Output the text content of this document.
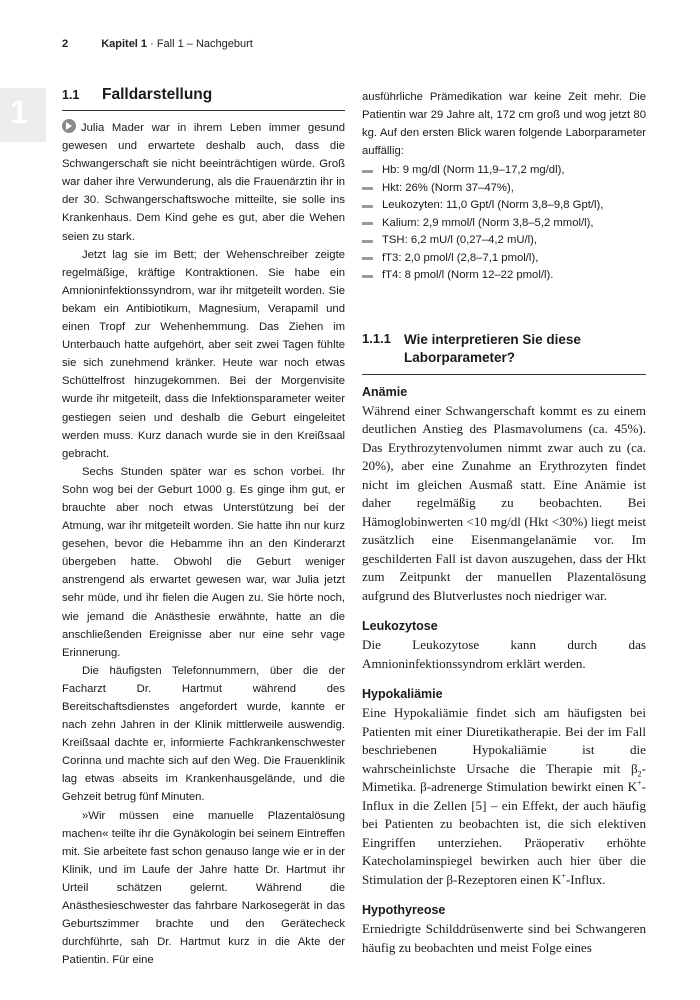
2	Kapitel 1 · Fall 1 – Nachgeburt
1	1.1	Falldarstellung

Julia Mader war in ihrem Leben immer gesund gewesen und erwartete deshalb auch, dass die Schwangerschaft sie nicht beeinträchtigen würde. Groß war daher ihre Verwunderung, als die Frauenärztin ihr in der 30. Schwangerschaftswoche mitteilte, sie solle ins Krankenhaus. Dem Kind gehe es gut, aber die Wehen seien zu stark.

Jetzt lag sie im Bett; der Wehenschreiber zeigte regelmäßige, kräftige Kontraktionen. Sie habe ein Amnioninfektionssyndrom, war ihr mitgeteilt worden. Sie bekam ein Antibiotikum, Magnesium, Verapamil und einen Tropf zur Wehenhemmung. Das Ziehen im Unterbauch hatte aufgehört, aber seit zwei Tagen fühlte sie sich zunehmend kränker. Heute war noch etwas Schüttelfrost hinzugekommen. Bei der Morgenvisite wurde ihr mitgeteilt, dass die Infektionsparameter weiter gestiegen seien und deshalb die Geburt eingeleitet werden muss. Kurz danach wurde sie in den Kreißsaal gebracht.

Sechs Stunden später war es schon vorbei. Ihr Sohn wog bei der Geburt 1000 g. Es ginge ihm gut, er brauchte aber noch etwas Unterstützung bei der Atmung, war ihr mitgeteilt worden. Sie hatte ihn nur kurz gesehen, bevor die Hebamme ihn an den Kinderarzt übergeben hatte. Obwohl die Geburt weniger anstrengend als erwartet gewesen war, war Julia jetzt sehr müde, und ihr fielen die Augen zu. Sie hörte noch, wie jemand die Anästhesie erwähnte, hatte an die anschließenden Ereignisse aber nur eine sehr vage Erinnerung.

Die häufigsten Telefonnummern, über die der Facharzt Dr. Hartmut während des Bereitschaftsdienstes angefordert wurde, kannte er nach zehn Jahren in der Klinik mittlerweile auswendig. Kreißsaal dachte er, informierte Fachkrankenschwester Corinna und machte sich auf den Weg. Die Frauenklinik lag etwas abseits im Krankenhausgelände, und die Gehzeit betrug fünf Minuten.

»Wir müssen eine manuelle Plazentalösung machen« teilte ihr die Gynäkologin bei seinem Eintreffen mit. Sie arbeitete fast schon genauso lange wie er in der Klinik, und im Laufe der Jahre hatte Dr. Hartmut ihr Urteil schätzen gelernt. Während die Anästhesieschwester das fahrbare Narkosegerät in das Geburtszimmer brachte und den Gerätecheck durchführte, sah Dr. Hartmut kurz in die Akte der Patientin. Für eine

ausführliche Prämedikation war keine Zeit mehr. Die Patientin war 29 Jahre alt, 172 cm groß und wog jetzt 80 kg. Auf den ersten Blick waren folgende Laborparameter auffällig:

Hb: 9 mg/dl (Norm 11,9–17,2 mg/dl),
Hkt: 26% (Norm 37–47%),
Leukozyten: 11,0 Gpt/l (Norm 3,8–9,8 Gpt/l),
Kalium: 2,9 mmol/l (Norm 3,8–5,2 mmol/l),
TSH: 6,2 mU/l (0,27–4,2 mU/l),
fT3: 2,0 pmol/l (2,8–7,1 pmol/l),
fT4: 8 pmol/l (Norm 12–22 pmol/l).
1.1.1 Wie interpretieren Sie diese Laborparameter?
Anämie

Während einer Schwangerschaft kommt es zu einem deutlichen Anstieg des Plasmavolumens (ca. 45%). Das Erythrozytenvolumen nimmt zwar auch zu (ca. 20%), aber eine Zunahme an Erythrozyten findet nicht im gleichen Ausmaß statt. Eine Anämie ist daher regelmäßig zu beobachten. Bei Hämoglobinwerten <10 mg/dl (Hkt <30%) liegt meist zusätzlich eine Eisenmangelanämie vor. Im geschilderten Fall ist davon auszugehen, dass der Hkt zum Zeitpunkt der manuellen Plazentalösung aufgrund des Blutverlustes noch niedriger war.

Leukozytose

Die Leukozytose kann durch das Amnioninfektionssyndrom erklärt werden.

Hypokaliämie

Eine Hypokaliämie findet sich am häufigsten bei Patienten mit einer Diuretikatherapie. Bei der im Fall beschriebenen Hypokaliämie ist die wahrscheinlichste Ursache die Therapie mit $\beta_2$-Mimetika. β-adrenerge Stimulation bewirkt einen K+-Influx in die Zellen [5] – ein Effekt, der auch häufig bei Patienten zu beobachten ist, die sich elektiven Eingriffen unterziehen. Präoperativ erhöhte Katecholaminspiegel bewirken auch hier über die Stimulation der β-Rezeptoren einen K+-Influx.

Hypothyreose

Erniedrigte Schilddrüsenwerte sind bei Schwangeren häufig zu beobachten und meist Folge eines
